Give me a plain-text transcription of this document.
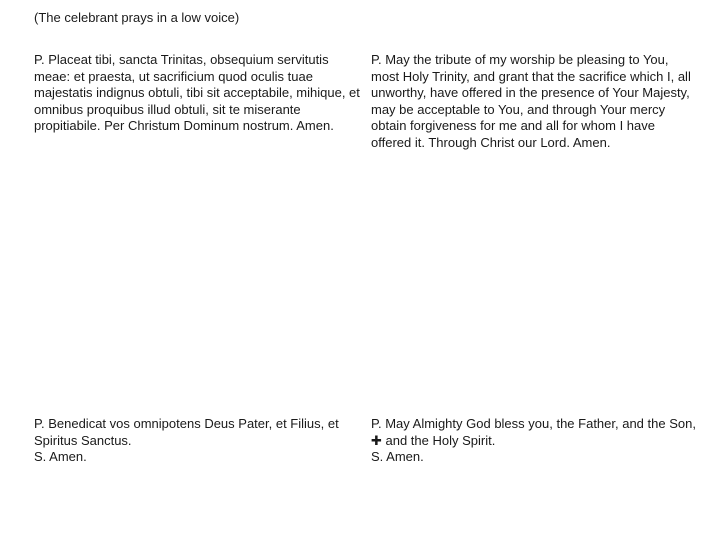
(The celebrant prays in a low voice)
P. Placeat tibi, sancta Trinitas, obsequium servitutis meae: et praesta, ut sacrificium quod oculis tuae majestatis indignus obtuli, tibi sit acceptabile, mihique, et omnibus proquibus illud obtuli, sit te miserante propitiabile. Per Christum Dominum nostrum. Amen.
P. May the tribute of my worship be pleasing to You, most Holy Trinity, and grant that the sacrifice which I, all unworthy, have offered in the presence of Your Majesty, may be acceptable to You, and through Your mercy obtain forgiveness for me and all for whom I have offered it. Through Christ our Lord. Amen.
P. Benedicat vos omnipotens Deus Pater, et Filius, et Spiritus Sanctus.
S. Amen.
P. May Almighty God bless you, the Father, and the Son, ✚ and the Holy Spirit.
S. Amen.
